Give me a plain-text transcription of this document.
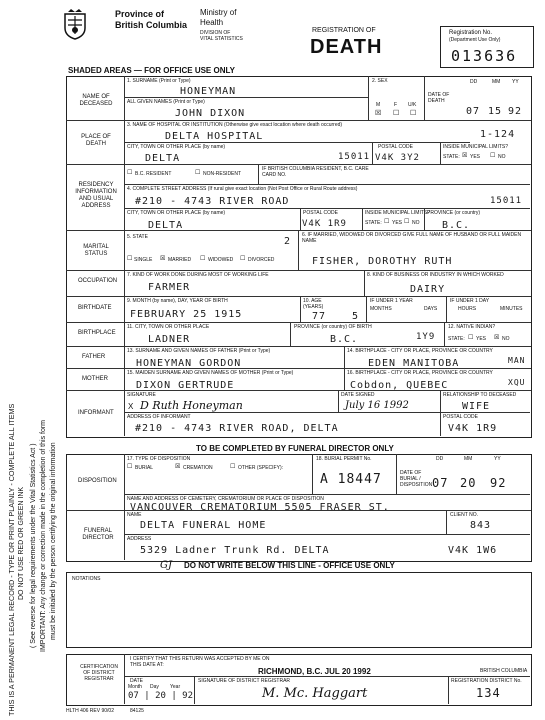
THIS IS A PERMANENT LEGAL RECORD - TYPE OR PRINT PLAINLY - COMPLETE ALL ITEMS DO NOT USE RED OR GREEN INK ( See reverse for legal requirements under the Vital Statistics Act ) IMPORTANT: Any change or correction made in the completion of this form must be initialed by the person certifying the original information
Province of
British Columbia
Ministry of
Health
DIVISION OF
VITAL STATISTICS
REGISTRATION OF
DEATH
Registration No.
(Department Use Only)
013636
SHADED AREAS — FOR OFFICE USE ONLY
NAME OF DECEASED
1. SURNAME (Print or Type)
HONEYMAN
ALL GIVEN NAMES (Print or Type)
JOHN DIXON
2. SEX
M	F U/K
☒ ☐ ☐
DATE OF DEATH
DD	MM YY
07 15 92
PLACE OF DEATH
3. NAME OF HOSPITAL OR INSTITUTION (Otherwise give exact location where death occurred)
DELTA HOSPITAL	1-124
CITY, TOWN OR OTHER PLACE (by name)
DELTA	15011
POSTAL CODE
V4K 3Y2
INSIDE MUNICIPAL LIMITS?
STATE: ☒ YES ☐ NO
RESIDENCY INFORMATION AND USUAL ADDRESS
☐ B.C. RESIDENT	☐ NON-RESIDENT
IF BRITISH COLUMBIA RESIDENT, B.C. CARE CARD NO.
4. COMPLETE STREET ADDRESS (If rural give exact location (Not Post Office or Rural Route address)
#210 - 4743 RIVER ROAD	15011
CITY, TOWN OR OTHER PLACE (by name)
DELTA
POSTAL CODE
V4K 1R9
INSIDE MUNICIPAL LIMITS?
STATE: ☐ YES ☐ NO
PROVINCE (or country)
B.C.
MARITAL STATUS
5. STATE	2
☐ SINGLE ☒ MARRIED ☐ WIDOWED ☐ DIVORCED
6. IF MARRIED, WIDOWED OR DIVORCED GIVE FULL NAME OF HUSBAND OR FULL MAIDEN NAME
FISHER, DOROTHY RUTH
OCCUPATION
7. KIND OF WORK DONE DURING MOST OF WORKING LIFE
FARMER
8. KIND OF BUSINESS OR INDUSTRY IN WHICH WORKED
DAIRY
BIRTHDATE
9. MONTH (by name), DAY, YEAR OF BIRTH
FEBRUARY 25 1915
10. AGE (YEARS)
77	5
IF UNDER 1 YEAR
MONTHS	DAYS
IF UNDER 1 DAY
HOURS	MINUTES
BIRTHPLACE
11. CITY, TOWN OR OTHER PLACE
LADNER
PROVINCE (or country) OF BIRTH
B.C.	1Y9
12. NATIVE INDIAN?
STATE: ☐ YES ☒ NO
FATHER
13. SURNAME AND GIVEN NAMES OF FATHER (Print or Type)
HONEYMAN GORDON
14. BIRTHPLACE - CITY OR PLACE, PROVINCE OR COUNTRY
EDEN MANITOBA	MAN
MOTHER
15. MAIDEN SURNAME AND GIVEN NAMES OF MOTHER (Print or Type)
DIXON GERTRUDE
16. BIRTHPLACE - CITY OR PLACE, PROVINCE OR COUNTRY
Cobdon, QUEBEC	XQU
INFORMANT
SIGNATURE
X D Ruth Honeyman
DATE SIGNED
July 16 1992
RELATIONSHIP TO DECEASED
WIFE
ADDRESS OF INFORMANT
#210 - 4743 RIVER ROAD, DELTA
POSTAL CODE
V4K 1R9
TO BE COMPLETED BY FUNERAL DIRECTOR ONLY
DISPOSITION
17. TYPE OF DISPOSITION
☐ BURIAL	☒ CREMATION	☐ OTHER (SPECIFY):
18. BURIAL PERMIT No.
A 18447
DD	MM	YY
DATE OF BURIAL / DISPOSITION 07 20 92
NAME AND ADDRESS OF CEMETERY, CREMATORIUM OR PLACE OF DISPOSITION
VANCOUVER CREMATORIUM 5505 FRASER ST.
FUNERAL DIRECTOR
NAME
DELTA FUNERAL HOME
CLIENT NO.
843
ADDRESS
5329 Ladner Trunk Rd. DELTA	V4K 1W6
GJ DO NOT WRITE BELOW THIS LINE - OFFICE USE ONLY
NOTATIONS
CERTIFICATION OF DISTRICT REGISTRAR
I CERTIFY THAT THIS RETURN WAS ACCEPTED BY ME ON THIS DATE AT:
RICHMOND, B.C. JUL 20 1992	BRITISH COLUMBIA
DATE
Month Day Year
07 | 20 | 92
SIGNATURE OF DISTRICT REGISTRAR
M. Mc. Haggart
REGISTRATION DISTRICT No.
134
HLTH 406 REV 90/02	84125
